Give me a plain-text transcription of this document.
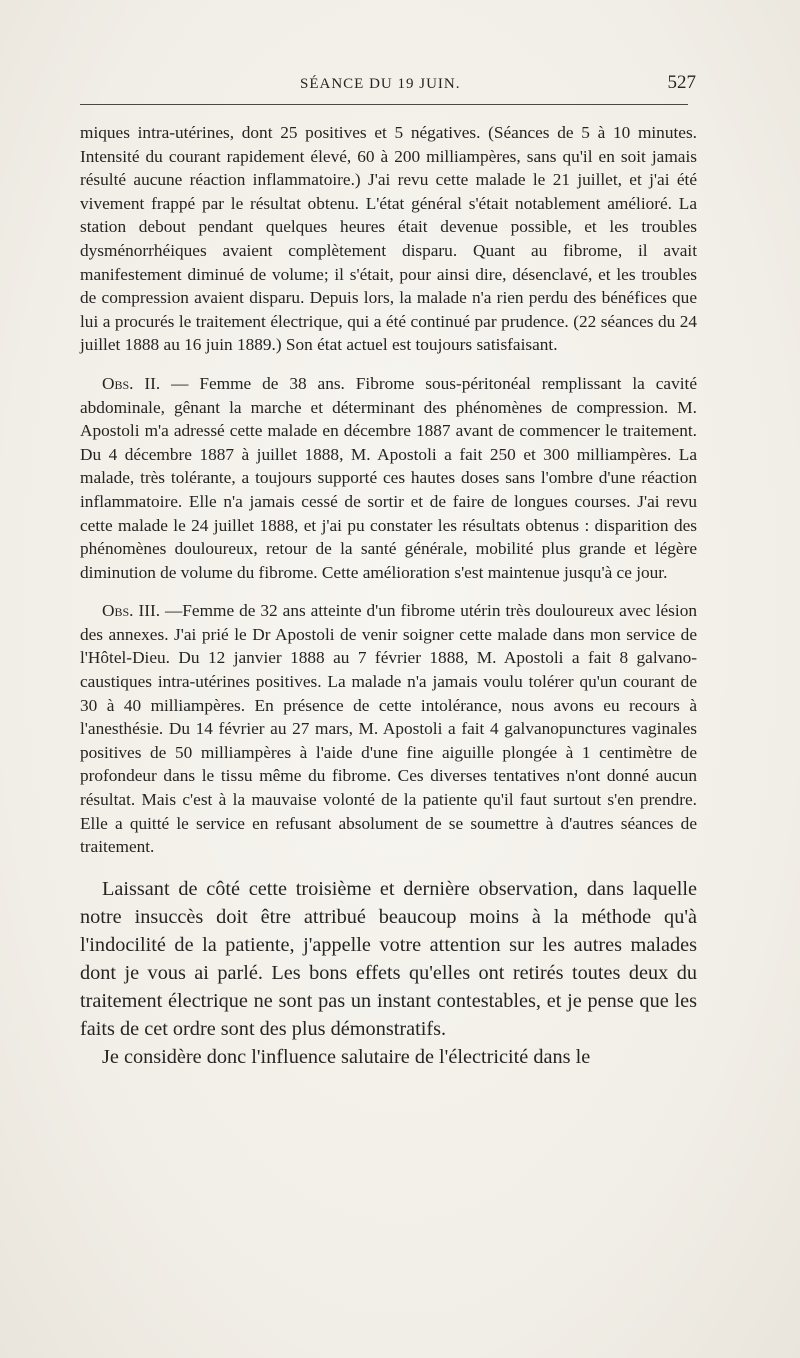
SÉANCE DU 19 JUIN.	527

miques intra-utérines, dont 25 positives et 5 négatives. (Séances de 5 à 10 minutes. Intensité du courant rapidement élevé, 60 à 200 milliampères, sans qu'il en soit jamais résulté aucune réaction inflammatoire.) J'ai revu cette malade le 21 juillet, et j'ai été vivement frappé par le résultat obtenu. L'état général s'était notablement amélioré. La station debout pendant quelques heures était devenue possible, et les troubles dysménorrhéiques avaient complètement disparu. Quant au fibrome, il avait manifestement diminué de volume; il s'était, pour ainsi dire, désenclavé, et les troubles de compression avaient disparu. Depuis lors, la malade n'a rien perdu des bénéfices que lui a procurés le traitement électrique, qui a été continué par prudence. (22 séances du 24 juillet 1888 au 16 juin 1889.) Son état actuel est toujours satisfaisant.

Obs. II. — Femme de 38 ans. Fibrome sous-péritonéal remplissant la cavité abdominale, gênant la marche et déterminant des phénomènes de compression. M. Apostoli m'a adressé cette malade en décembre 1887 avant de commencer le traitement. Du 4 décembre 1887 à juillet 1888, M. Apostoli a fait 250 et 300 milliampères. La malade, très tolérante, a toujours supporté ces hautes doses sans l'ombre d'une réaction inflammatoire. Elle n'a jamais cessé de sortir et de faire de longues courses. J'ai revu cette malade le 24 juillet 1888, et j'ai pu constater les résultats obtenus : disparition des phénomènes douloureux, retour de la santé générale, mobilité plus grande et légère diminution de volume du fibrome. Cette amélioration s'est maintenue jusqu'à ce jour.

Obs. III. —Femme de 32 ans atteinte d'un fibrome utérin très douloureux avec lésion des annexes. J'ai prié le Dr Apostoli de venir soigner cette malade dans mon service de l'Hôtel-Dieu. Du 12 janvier 1888 au 7 février 1888, M. Apostoli a fait 8 galvano-caustiques intra-utérines positives. La malade n'a jamais voulu tolérer qu'un courant de 30 à 40 milliampères. En présence de cette intolérance, nous avons eu recours à l'anesthésie. Du 14 février au 27 mars, M. Apostoli a fait 4 galvanopunctures vaginales positives de 50 milliampères à l'aide d'une fine aiguille plongée à 1 centimètre de profondeur dans le tissu même du fibrome. Ces diverses tentatives n'ont donné aucun résultat. Mais c'est à la mauvaise volonté de la patiente qu'il faut surtout s'en prendre. Elle a quitté le service en refusant absolument de se soumettre à d'autres séances de traitement.

Laissant de côté cette troisième et dernière observation, dans laquelle notre insuccès doit être attribué beaucoup moins à la méthode qu'à l'indocilité de la patiente, j'appelle votre attention sur les autres malades dont je vous ai parlé. Les bons effets qu'elles ont retirés toutes deux du traitement électrique ne sont pas un instant contestables, et je pense que les faits de cet ordre sont des plus démonstratifs.

Je considère donc l'influence salutaire de l'électricité dans le
